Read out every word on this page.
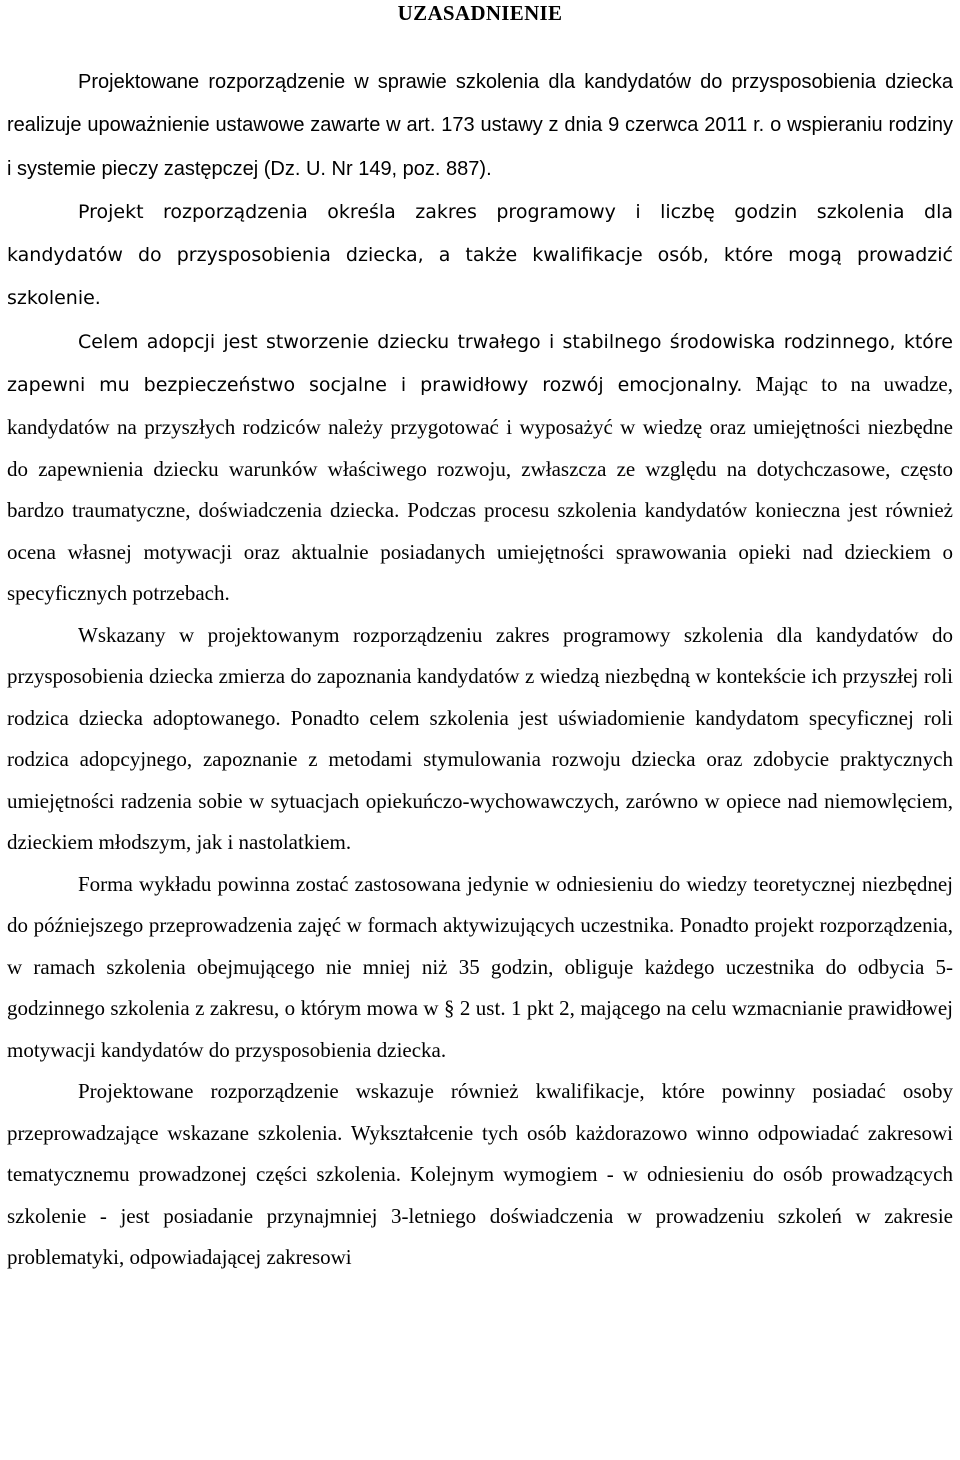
UZASADNIENIE

Projektowane rozporządzenie w sprawie szkolenia dla kandydatów do przysposobienia dziecka realizuje upoważnienie ustawowe zawarte w art. 173 ustawy z dnia 9 czerwca 2011 r. o wspieraniu rodziny i systemie pieczy zastępczej (Dz. U. Nr 149, poz. 887).

Projekt rozporządzenia określa zakres programowy i liczbę godzin szkolenia dla kandydatów do przysposobienia dziecka, a także kwalifikacje osób, które mogą prowadzić szkolenie.

Celem adopcji jest stworzenie dziecku trwałego i stabilnego środowiska rodzinnego, które zapewni mu bezpieczeństwo socjalne i prawidłowy rozwój emocjonalny. Mając to na uwadze, kandydatów na przyszłych rodziców należy przygotować i wyposażyć w wiedzę oraz umiejętności niezbędne do zapewnienia dziecku warunków właściwego rozwoju, zwłaszcza ze względu na dotychczasowe, często bardzo traumatyczne, doświadczenia dziecka. Podczas procesu szkolenia kandydatów konieczna jest również ocena własnej motywacji oraz aktualnie posiadanych umiejętności sprawowania opieki nad dzieckiem o specyficznych potrzebach.

Wskazany w projektowanym rozporządzeniu zakres programowy szkolenia dla kandydatów do przysposobienia dziecka zmierza do zapoznania kandydatów z wiedzą niezbędną w kontekście ich przyszłej roli rodzica dziecka adoptowanego. Ponadto celem szkolenia jest uświadomienie kandydatom specyficznej roli rodzica adopcyjnego, zapoznanie z metodami stymulowania rozwoju dziecka oraz zdobycie praktycznych umiejętności radzenia sobie w sytuacjach opiekuńczo-wychowawczych, zarówno w opiece nad niemowlęciem, dzieckiem młodszym, jak i nastolatkiem.

Forma wykładu powinna zostać zastosowana jedynie w odniesieniu do wiedzy teoretycznej niezbędnej do późniejszego przeprowadzenia zajęć w formach aktywizujących uczestnika. Ponadto projekt rozporządzenia, w ramach szkolenia obejmującego nie mniej niż 35 godzin, obliguje każdego uczestnika do odbycia 5-godzinnego szkolenia z zakresu, o którym mowa w § 2 ust. 1 pkt 2, mającego na celu wzmacnianie prawidłowej motywacji kandydatów do przysposobienia dziecka.

Projektowane rozporządzenie wskazuje również kwalifikacje, które powinny posiadać osoby przeprowadzające wskazane szkolenia. Wykształcenie tych osób każdorazowo winno odpowiadać zakresowi tematycznemu prowadzonej części szkolenia. Kolejnym wymogiem - w odniesieniu do osób prowadzących szkolenie - jest posiadanie przynajmniej 3-letniego doświadczenia w prowadzeniu szkoleń w zakresie problematyki, odpowiadającej zakresowi
